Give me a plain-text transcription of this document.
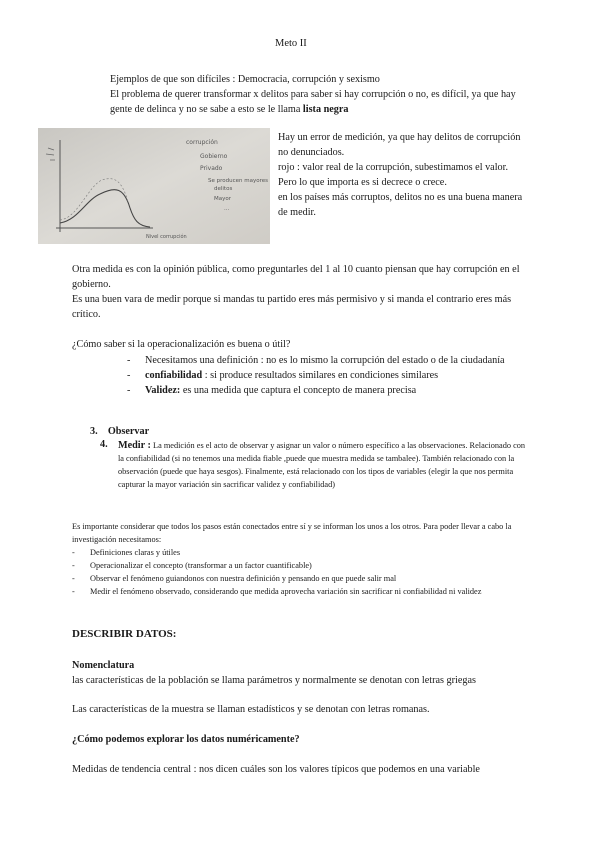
Meto II

Ejemplos de que son difíciles : Democracia, corrupción y sexismo

El problema de querer transformar x delitos para saber si hay corrupción o no, es difícil, ya que hay gente de delinca y no se sabe a esto se le llama lista negra

corrupción
Gobierno
Privado
Se producen mayores
delitos
Mayor
...
Nivel corrupción

Hay un error de medición, ya que hay delitos de corrupción no denunciados.

rojo : valor real de la corrupción, subestimamos el valor.

Pero lo que importa es si decrece o crece.

en los países más corruptos, delitos no es una buena manera de medir.

Otra medida es con la opinión pública, como preguntarles del 1 al 10 cuanto piensan que hay corrupción en el gobierno.

Es una buen vara de medir porque si mandas tu partido eres más permisivo y si manda el contrario eres más crítico.

¿Cómo saber si la operacionalización es buena o útil?

- Necesitamos una definición : no es lo mismo la corrupción del estado o de la ciudadanía
- confiabilidad : si produce resultados similares en condiciones similares
- Validez: es una medida que captura el concepto de manera precisa
3. Observar
4. Medir : La medición es el acto de observar y asignar un valor o número específico a las observaciones. Relacionado con la confiabilidad (si no tenemos una medida fiable ,puede que muestra medida se tambalee). También relacionado con la observación (puede que haya sesgos). Finalmente, está relacionado con los tipos de variables (elegir la que nos permita capturar la mayor variación sin sacrificar validez y confiabilidad)

Es importante considerar que todos los pasos están conectados entre sí y se informan los unos a los otros. Para poder llevar a cabo la investigación necesitamos:

- Definiciones claras y útiles
- Operacionalizar el concepto (transformar a un factor cuantificable)
- Observar el fenómeno guiandonos con nuestra definición y pensando en que puede salir mal
- Medir el fenómeno observado, considerando que medida aprovecha variación sin sacrificar ni confiabilidad ni validez
DESCRIBIR DATOS:

Nomenclatura

las características de la población se llama parámetros y normalmente se denotan con letras griegas

Las características de la muestra se llaman estadísticos y se denotan con letras romanas.
¿Cómo podemos explorar los datos numéricamente?
Medidas de tendencia central : nos dicen cuáles son los valores típicos que podemos en una variable
